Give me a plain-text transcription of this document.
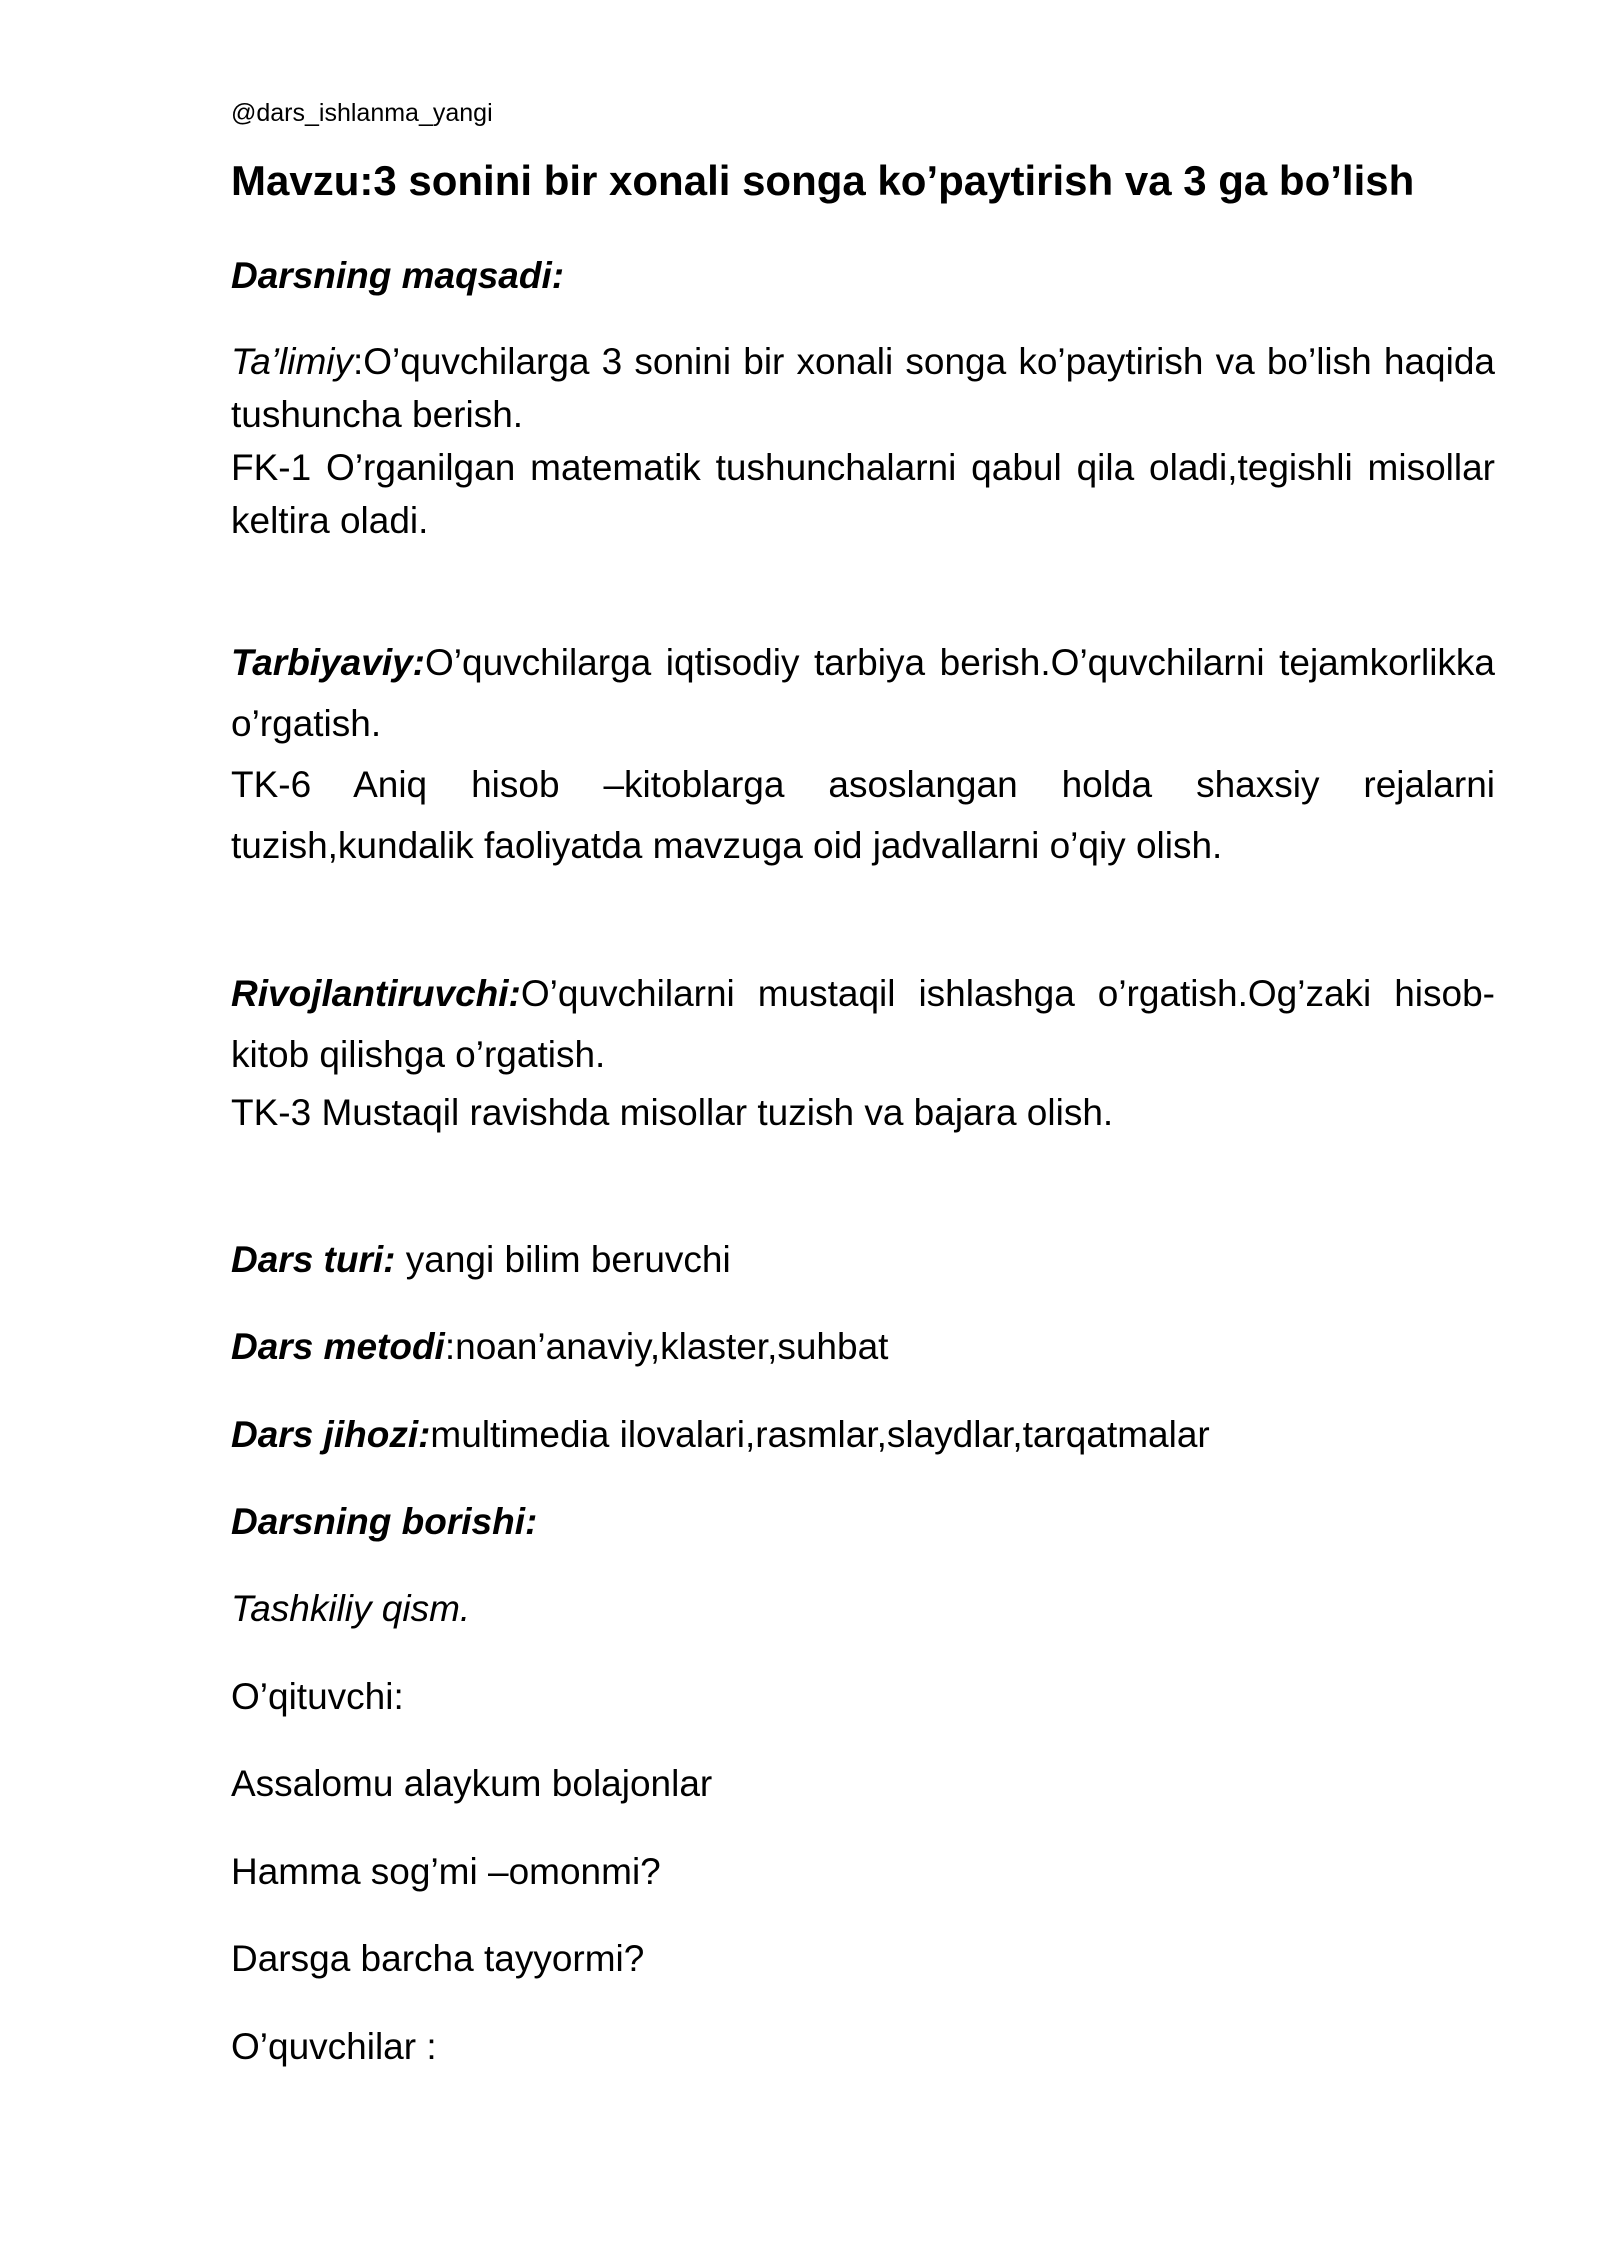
@dars_ishlanma_yangi
Mavzu:3 sonini bir xonali songa ko’paytirish va 3 ga bo’lish
Darsning maqsadi:
Ta’limiy:O’quvchilarga 3 sonini bir xonali songa ko’paytirish va bo’lish haqida tushuncha berish.
FK-1 O’rganilgan matematik tushunchalarni qabul qila oladi,tegishli misollar keltira oladi.
Tarbiyaviy:O’quvchilarga iqtisodiy tarbiya berish.O’quvchilarni tejamkorlikka o’rgatish.
TK-6 Aniq hisob –kitoblarga asoslangan holda shaxsiy rejalarni tuzish,kundalik faoliyatda mavzuga oid jadvallarni o’qiy olish.
Rivojlantiruvchi:O’quvchilarni mustaqil ishlashga o’rgatish.Og’zaki hisob-kitob qilishga o’rgatish.
TK-3 Mustaqil ravishda misollar tuzish va bajara olish.
Dars turi: yangi bilim beruvchi
Dars metodi:noan’anaviy,klaster,suhbat
Dars jihozi:multimedia ilovalari,rasmlar,slaydlar,tarqatmalar
Darsning borishi:
Tashkiliy qism.
O’qituvchi:
Assalomu alaykum bolajonlar
Hamma sog’mi –omonmi?
Darsga barcha tayyormi?
O’quvchilar :
